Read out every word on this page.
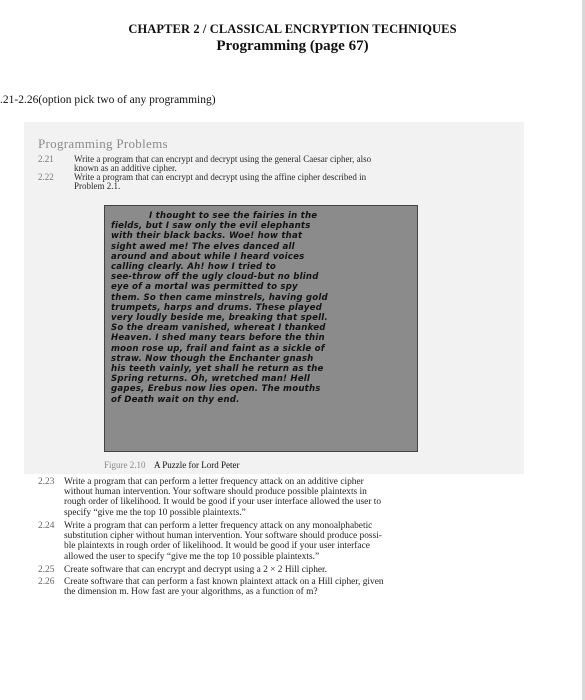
CHAPTER 2 / CLASSICAL ENCRYPTION TECHNIQUES
Programming (page 67)
.21-2.26(option pick two of any programming)
Programming Problems
2.21 Write a program that can encrypt and decrypt using the general Caesar cipher, also
known as an additive cipher.
2.22 Write a program that can encrypt and decrypt using the affine cipher described in
Problem 2.1.
I thought to see the fairies in the
fields, but I saw only the evil elephants
with their black backs. Woe! how that
sight awed me! The elves danced all
around and about while I heard voices
calling clearly. Ah! how I tried to
see-throw off the ugly cloud-but no blind
eye of a mortal was permitted to spy
them. So then came minstrels, having gold
trumpets, harps and drums. These played
very loudly beside me, breaking that spell.
So the dream vanished, whereat I thanked
Heaven. I shed many tears before the thin
moon rose up, frail and faint as a sickle of
straw. Now though the Enchanter gnash
his teeth vainly, yet shall he return as the
Spring returns. Oh, wretched man! Hell
gapes, Erebus now lies open. The mouths
of Death wait on thy end.
Figure 2.10 A Puzzle for Lord Peter
2.23 Write a program that can perform a letter frequency attack on an additive cipher
without human intervention. Your software should produce possible plaintexts in
rough order of likelihood. It would be good if your user interface allowed the user to
specify “give me the top 10 possible plaintexts.”
2.24 Write a program that can perform a letter frequency attack on any monoalphabetic
substitution cipher without human intervention. Your software should produce possi-
ble plaintexts in rough order of likelihood. It would be good if your user interface
allowed the user to specify “give me the top 10 possible plaintexts.”
2.25 Create software that can encrypt and decrypt using a 2 × 2 Hill cipher.
2.26 Create software that can perform a fast known plaintext attack on a Hill cipher, given
the dimension m. How fast are your algorithms, as a function of m?
